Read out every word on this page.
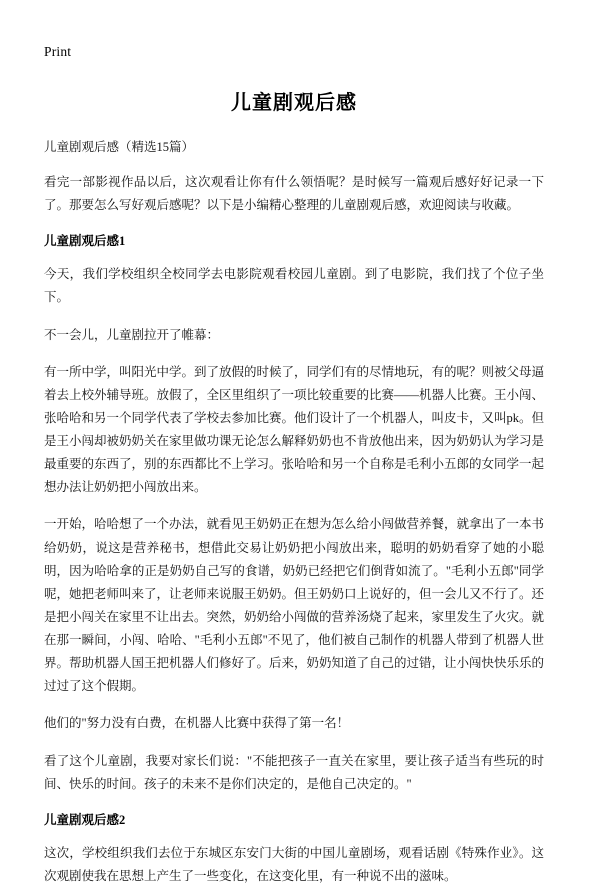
Print
儿童剧观后感
儿童剧观后感（精选15篇）

看完一部影视作品以后，这次观看让你有什么领悟呢？是时候写一篇观后感好好记录一下了。那要怎么写好观后感呢？以下是小编精心整理的儿童剧观后感，欢迎阅读与收藏。

儿童剧观后感1

今天，我们学校组织全校同学去电影院观看校园儿童剧。到了电影院，我们找了个位子坐下。

不一会儿，儿童剧拉开了帷幕：

有一所中学，叫阳光中学。到了放假的时候了，同学们有的尽情地玩，有的呢？则被父母逼着去上校外辅导班。放假了，全区里组织了一项比较重要的比赛——机器人比赛。王小闯、张哈哈和另一个同学代表了学校去参加比赛。他们设计了一个机器人，叫皮卡，又叫pk。但是王小闯却被奶奶关在家里做功课无论怎么解释奶奶也不肯放他出来，因为奶奶认为学习是最重要的东西了，别的东西都比不上学习。张哈哈和另一个自称是毛利小五郎的女同学一起想办法让奶奶把小闯放出来。

一开始，哈哈想了一个办法，就看见王奶奶正在想为怎么给小闯做营养餐，就拿出了一本书给奶奶，说这是营养秘书，想借此交易让奶奶把小闯放出来，聪明的奶奶看穿了她的小聪明，因为哈哈拿的正是奶奶自己写的食谱，奶奶已经把它们倒背如流了。"毛利小五郎"同学呢，她把老师叫来了，让老师来说服王奶奶。但王奶奶口上说好的，但一会儿又不行了。还是把小闯关在家里不让出去。突然，奶奶给小闯做的营养汤烧了起来，家里发生了火灾。就在那一瞬间，小闯、哈哈、"毛利小五郎"不见了，他们被自己制作的机器人带到了机器人世界。帮助机器人国王把机器人们修好了。后来，奶奶知道了自己的过错，让小闯快快乐乐的过过了这个假期。

他们的"努力没有白费，在机器人比赛中获得了第一名！

看了这个儿童剧，我要对家长们说："不能把孩子一直关在家里，要让孩子适当有些玩的时间、快乐的时间。孩子的未来不是你们决定的，是他自己决定的。"

儿童剧观后感2

这次，学校组织我们去位于东城区东安门大街的中国儿童剧场，观看话剧《特殊作业》。这次观剧使我在思想上产生了一些变化，在这变化里，有一种说不出的滋味。
